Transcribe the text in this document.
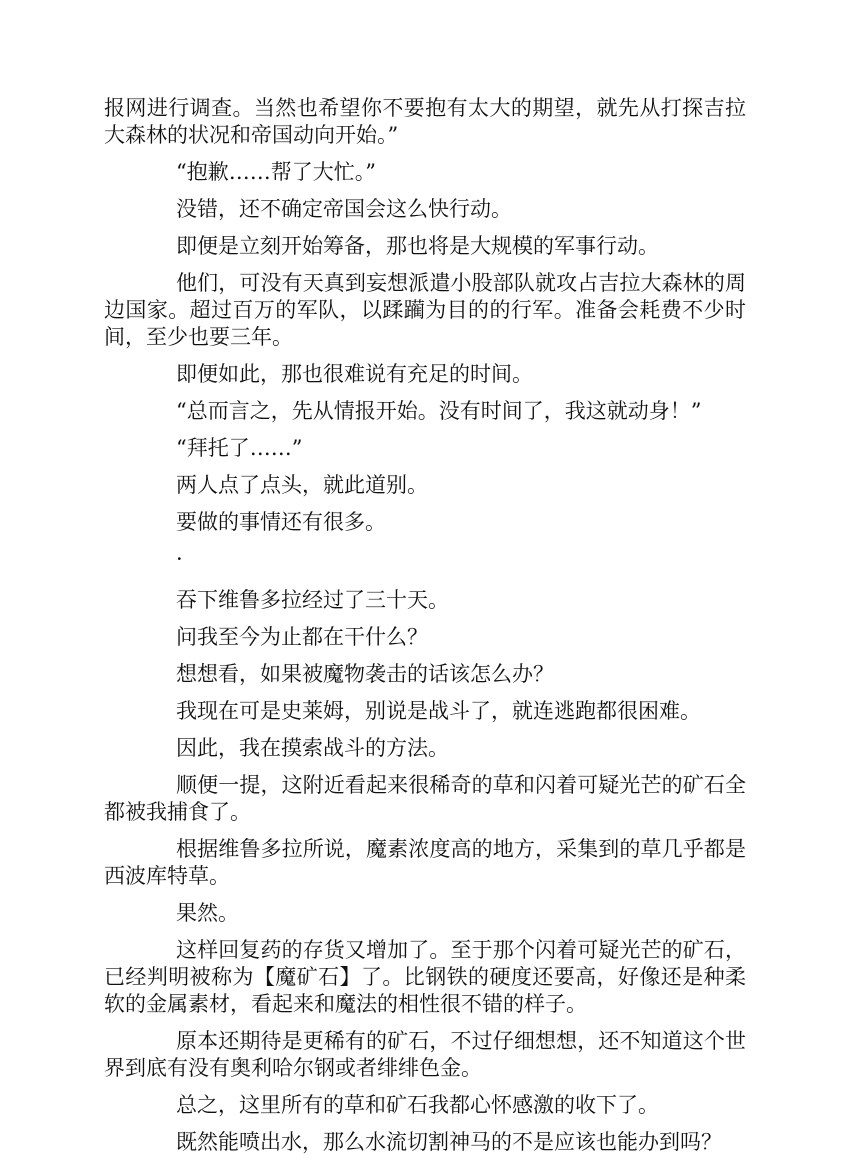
报网进行调查。当然也希望你不要抱有太大的期望，就先从打探吉拉大森林的状况和帝国动向开始。”

“抱歉……帮了大忙。”

没错，还不确定帝国会这么快行动。

即便是立刻开始筹备，那也将是大规模的军事行动。

他们，可没有天真到妄想派遣小股部队就攻占吉拉大森林的周边国家。超过百万的军队，以蹂躏为目的的行军。准备会耗费不少时间，至少也要三年。

即便如此，那也很难说有充足的时间。

“总而言之，先从情报开始。没有时间了，我这就动身！”

“拜托了……”

两人点了点头，就此道别。

要做的事情还有很多。

·

吞下维鲁多拉经过了三十天。

问我至今为止都在干什么？

想想看，如果被魔物袭击的话该怎么办？

我现在可是史莱姆，别说是战斗了，就连逃跑都很困难。

因此，我在摸索战斗的方法。

顺便一提，这附近看起来很稀奇的草和闪着可疑光芒的矿石全都被我捕食了。

根据维鲁多拉所说，魔素浓度高的地方，采集到的草几乎都是西波库特草。

果然。

这样回复药的存货又增加了。至于那个闪着可疑光芒的矿石，已经判明被称为【魔矿石】了。比钢铁的硬度还要高，好像还是种柔软的金属素材，看起来和魔法的相性很不错的样子。

原本还期待是更稀有的矿石，不过仔细想想，还不知道这个世界到底有没有奥利哈尔钢或者绯绯色金。

总之，这里所有的草和矿石我都心怀感激的收下了。

既然能喷出水，那么水流切割神马的不是应该也能办到吗？
